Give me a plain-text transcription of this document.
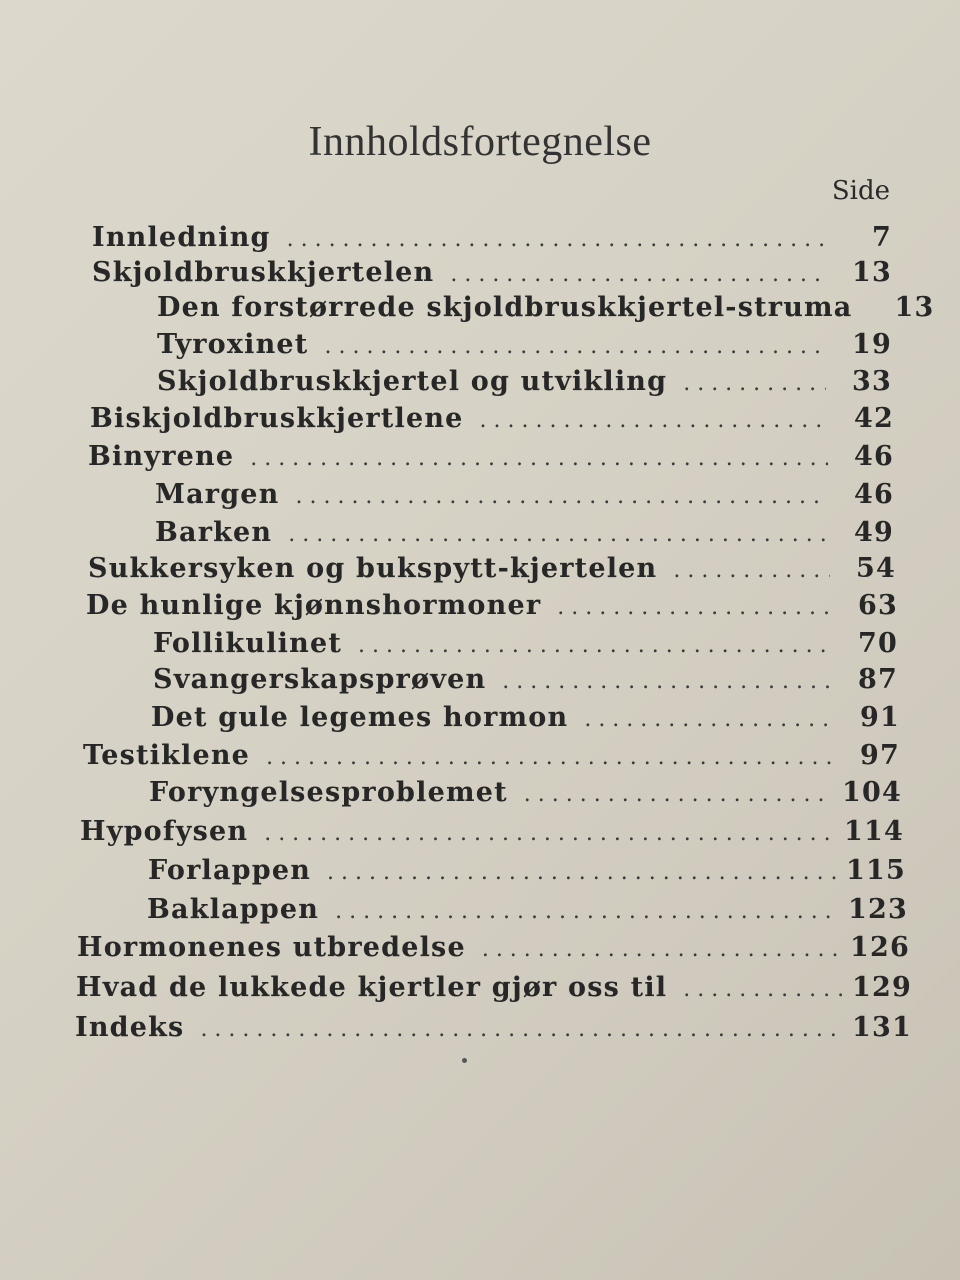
Innholdsfortegnelse
Side
Innledning . . .	7
Skjoldbruskkjertelen . . .	13
Den forstørrede skjoldbruskkjertel-struma	13
Tyroxinet . . .	19
Skjoldbruskkjertel og utvikling . . .	33
Biskjoldbruskkjertlene . . .	42
Binyrene . . .	46
Margen . . .	46
Barken . . .	49
Sukkersyken og bukspytt-kjertelen . . .	54
De hunlige kjønnshormoner . . .	63
Follikulinet . . .	70
Svangerskapsprøven . . .	87
Det gule legemes hormon . . .	91
Testiklene . . .	97
Foryngelsesproblemet . . .	104
Hypofysen . . .	114
Forlappen . . .	115
Baklappen . . .	123
Hormonenes utbredelse . . .	126
Hvad de lukkede kjertler gjør oss til . . .	129
Indeks . . .	131
